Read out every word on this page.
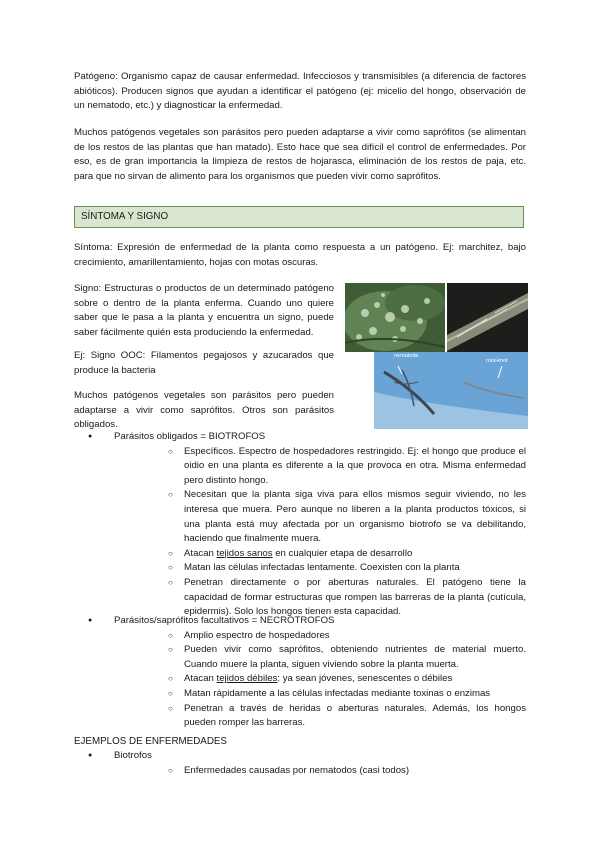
Patógeno: Organismo capaz de causar enfermedad. Infecciosos y transmisibles (a diferencia de factores abióticos). Producen signos que ayudan a identificar el patógeno (ej: micelio del hongo, observación de un nematodo, etc.) y diagnosticar la enfermedad.

Muchos patógenos vegetales son parásitos pero pueden adaptarse a vivir como saprófitos (se alimentan de los restos de las plantas que han matado). Esto hace que sea difícil el control de enfermedades. Por eso, es de gran importancia la limpieza de restos de hojarasca, eliminación de los restos de paja, etc. para que no sirvan de alimento para los organismos que pueden vivir como saprófitos.

SÍNTOMA Y SIGNO

Síntoma: Expresión de enfermedad de la planta como respuesta a un patógeno. Ej: marchitez, bajo crecimiento, amarillentamiento, hojas con motas oscuras.

Signo: Estructuras o productos de un determinado patógeno sobre o dentro de la planta enferma. Cuando uno quiere saber que le pasa a la planta y encuentra un signo, puede saber fácilmente quién esta produciendo la enfermedad.

Ej: Signo OOC: Filamentos pegajosos y azucarados que produce la bacteria

Muchos patógenos vegetales son parásitos pero pueden adaptarse a vivir como saprófitos. Otros son parásitos obligados.

nematode
root-knot
● Parásitos obligados = BIOTROFOS
○ Específicos. Espectro de hospedadores restringido. Ej: el hongo que produce el oidio en una planta es diferente a la que provoca en otra. Misma enfermedad pero distinto hongo.
○ Necesitan que la planta siga viva para ellos mismos seguir viviendo, no les interesa que muera. Pero aunque no liberen a la planta productos tóxicos, si una planta está muy afectada por un organismo biotrofo se va debilitando, haciendo que finalmente muera.
○ Atacan tejidos sanos en cualquier etapa de desarrollo
○ Matan las células infectadas lentamente. Coexisten con la planta
○ Penetran directamente o por aberturas naturales. El patógeno tiene la capacidad de formar estructuras que rompen las barreras de la planta (cutícula, epidermis). Solo los hongos tienen esta capacidad.
● Parásitos/saprófitos facultativos = NECROTROFOS
○ Amplio espectro de hospedadores
○ Pueden vivir como saprófitos, obteniendo nutrientes de material muerto. Cuando muere la planta, siguen viviendo sobre la planta muerta.
○ Atacan tejidos débiles: ya sean jóvenes, senescentes o débiles
○ Matan rápidamente a las células infectadas mediante toxinas o enzimas
○ Penetran a través de heridas o aberturas naturales. Además, los hongos pueden romper las barreras.
EJEMPLOS DE ENFERMEDADES
● Biotrofos
○ Enfermedades causadas por nematodos (casi todos)
